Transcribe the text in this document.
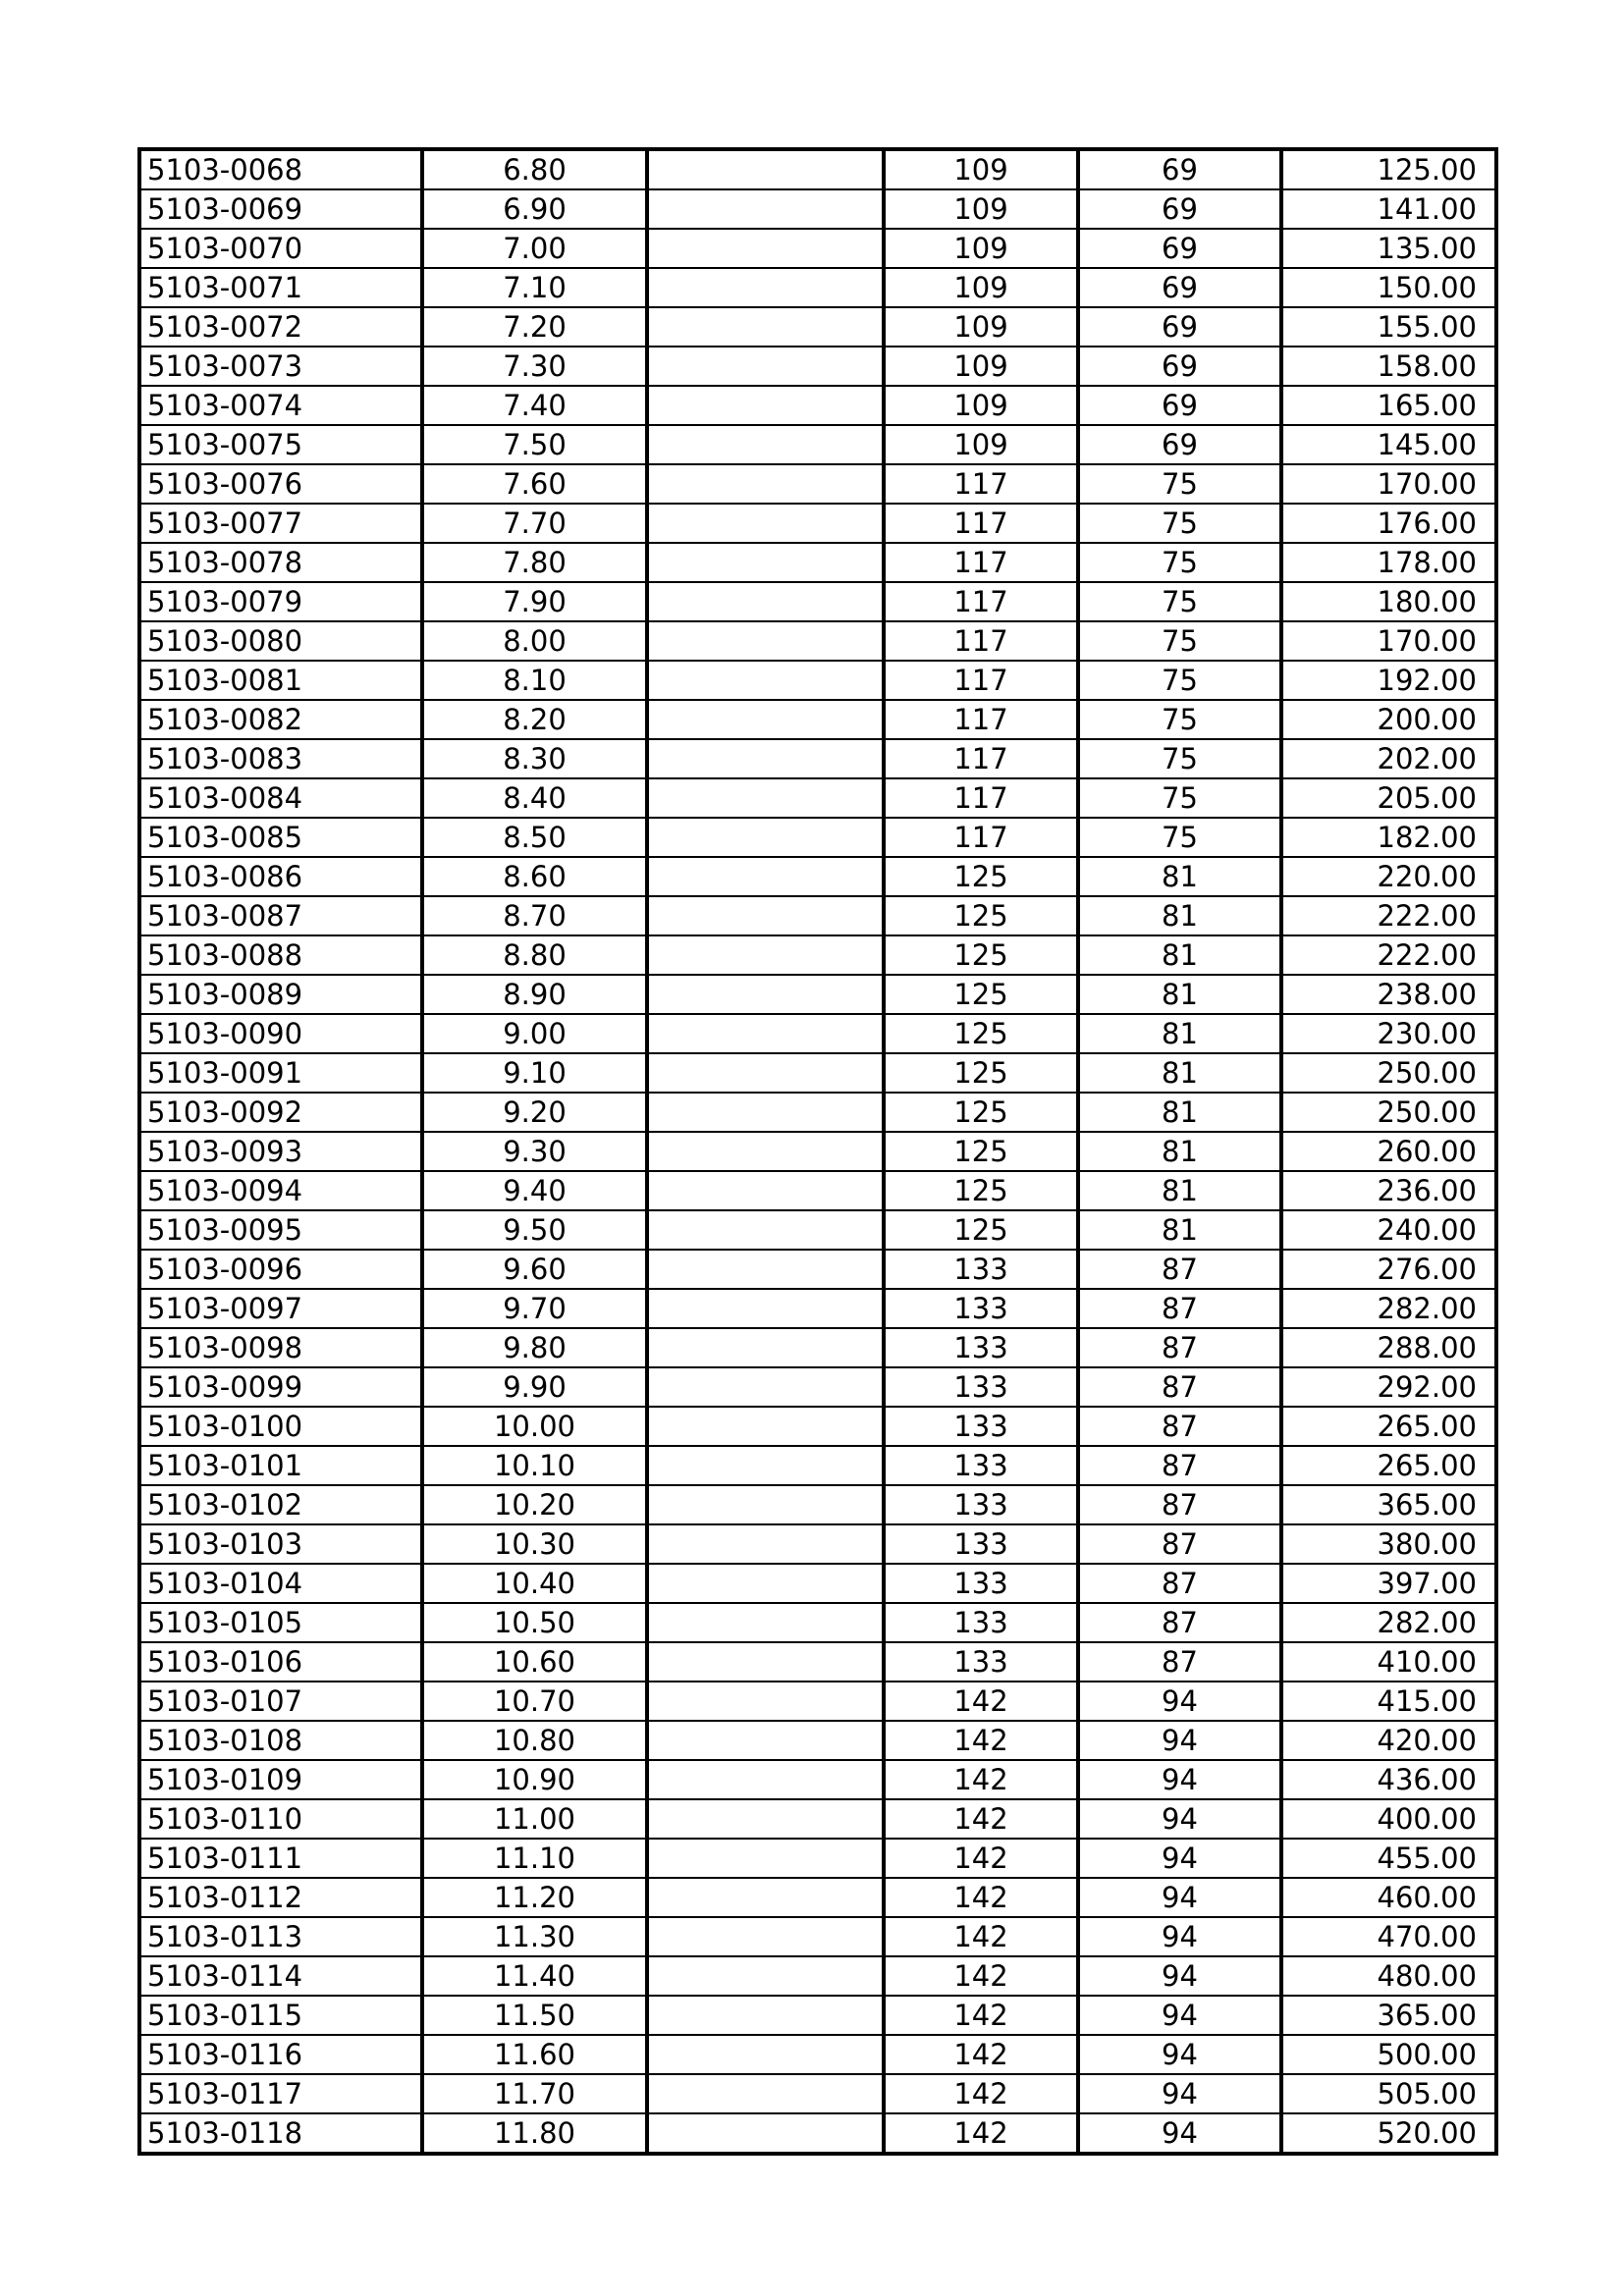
5103-0068	6.80		109	69	125.00
5103-0069	6.90		109	69	141.00
5103-0070	7.00		109	69	135.00
5103-0071	7.10		109	69	150.00
5103-0072	7.20		109	69	155.00
5103-0073	7.30		109	69	158.00
5103-0074	7.40		109	69	165.00
5103-0075	7.50		109	69	145.00
5103-0076	7.60		117	75	170.00
5103-0077	7.70		117	75	176.00
5103-0078	7.80		117	75	178.00
5103-0079	7.90		117	75	180.00
5103-0080	8.00		117	75	170.00
5103-0081	8.10		117	75	192.00
5103-0082	8.20		117	75	200.00
5103-0083	8.30		117	75	202.00
5103-0084	8.40		117	75	205.00
5103-0085	8.50		117	75	182.00
5103-0086	8.60		125	81	220.00
5103-0087	8.70		125	81	222.00
5103-0088	8.80		125	81	222.00
5103-0089	8.90		125	81	238.00
5103-0090	9.00		125	81	230.00
5103-0091	9.10		125	81	250.00
5103-0092	9.20		125	81	250.00
5103-0093	9.30		125	81	260.00
5103-0094	9.40		125	81	236.00
5103-0095	9.50		125	81	240.00
5103-0096	9.60		133	87	276.00
5103-0097	9.70		133	87	282.00
5103-0098	9.80		133	87	288.00
5103-0099	9.90		133	87	292.00
5103-0100	10.00		133	87	265.00
5103-0101	10.10		133	87	265.00
5103-0102	10.20		133	87	365.00
5103-0103	10.30		133	87	380.00
5103-0104	10.40		133	87	397.00
5103-0105	10.50		133	87	282.00
5103-0106	10.60		133	87	410.00
5103-0107	10.70		142	94	415.00
5103-0108	10.80		142	94	420.00
5103-0109	10.90		142	94	436.00
5103-0110	11.00		142	94	400.00
5103-0111	11.10		142	94	455.00
5103-0112	11.20		142	94	460.00
5103-0113	11.30		142	94	470.00
5103-0114	11.40		142	94	480.00
5103-0115	11.50		142	94	365.00
5103-0116	11.60		142	94	500.00
5103-0117	11.70		142	94	505.00
5103-0118	11.80		142	94	520.00
